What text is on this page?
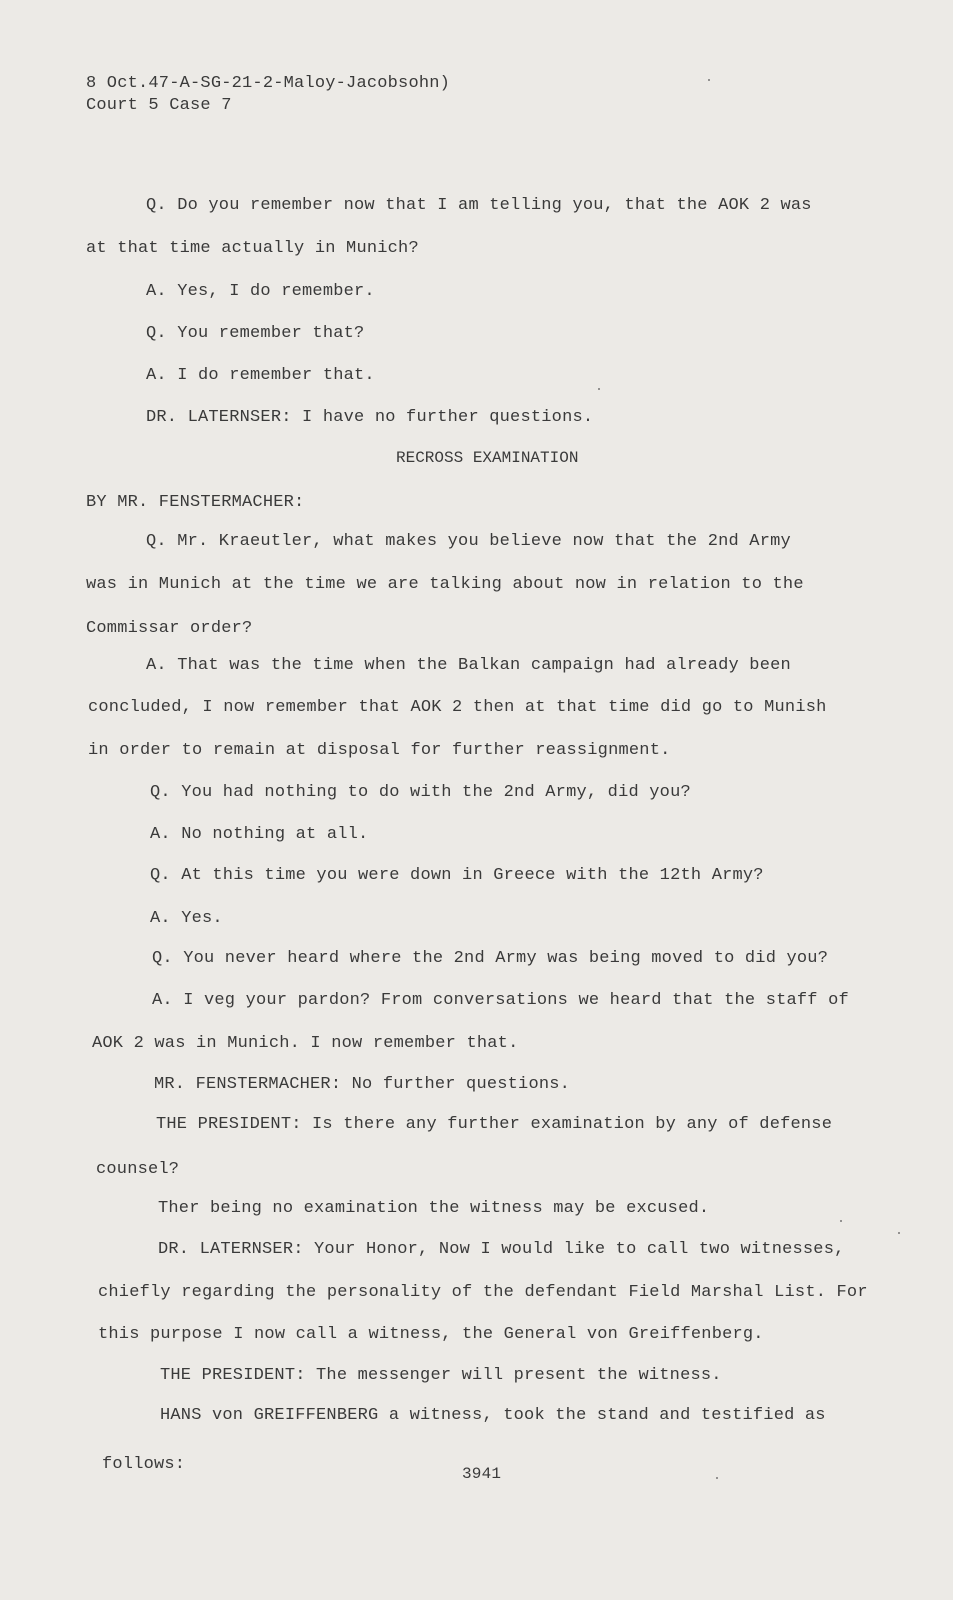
8 Oct.47-A-SG-21-2-Maloy-Jacobsohn)
Court 5 Case 7
Q. Do you remember now that I am telling you, that the AOK 2 was
at that time actually in Munich?
A. Yes, I do remember.
Q. You remember that?
A. I do remember that.
DR. LATERNSER: I have no further questions.
RECROSS EXAMINATION
BY MR. FENSTERMACHER:
Q. Mr. Kraeutler, what makes you believe now that the 2nd Army
was in Munich at the time we are talking about now in relation to the
Commissar order?
A. That was the time when the Balkan campaign had already been
concluded, I now remember that AOK 2 then at that time did go to Munish
in order to remain at disposal for further reassignment.
Q. You had nothing to do with the 2nd Army, did you?
A. No nothing at all.
Q. At this time you were down in Greece with the 12th Army?
A. Yes.
Q. You never heard where the 2nd Army was being moved to did you?
A. I veg your pardon? From conversations we heard that the staff of
AOK 2 was in Munich. I now remember that.
MR. FENSTERMACHER: No further questions.
THE PRESIDENT: Is there any further examination by any of defense
counsel?
Ther being no examination the witness may be excused.
DR. LATERNSER: Your Honor, Now I would like to call two witnesses,
chiefly regarding the personality of the defendant Field Marshal List. For
this purpose I now call a witness, the General von Greiffenberg.
THE PRESIDENT: The messenger will present the witness.
HANS von GREIFFENBERG a witness, took the stand and testified as
follows:	3941
